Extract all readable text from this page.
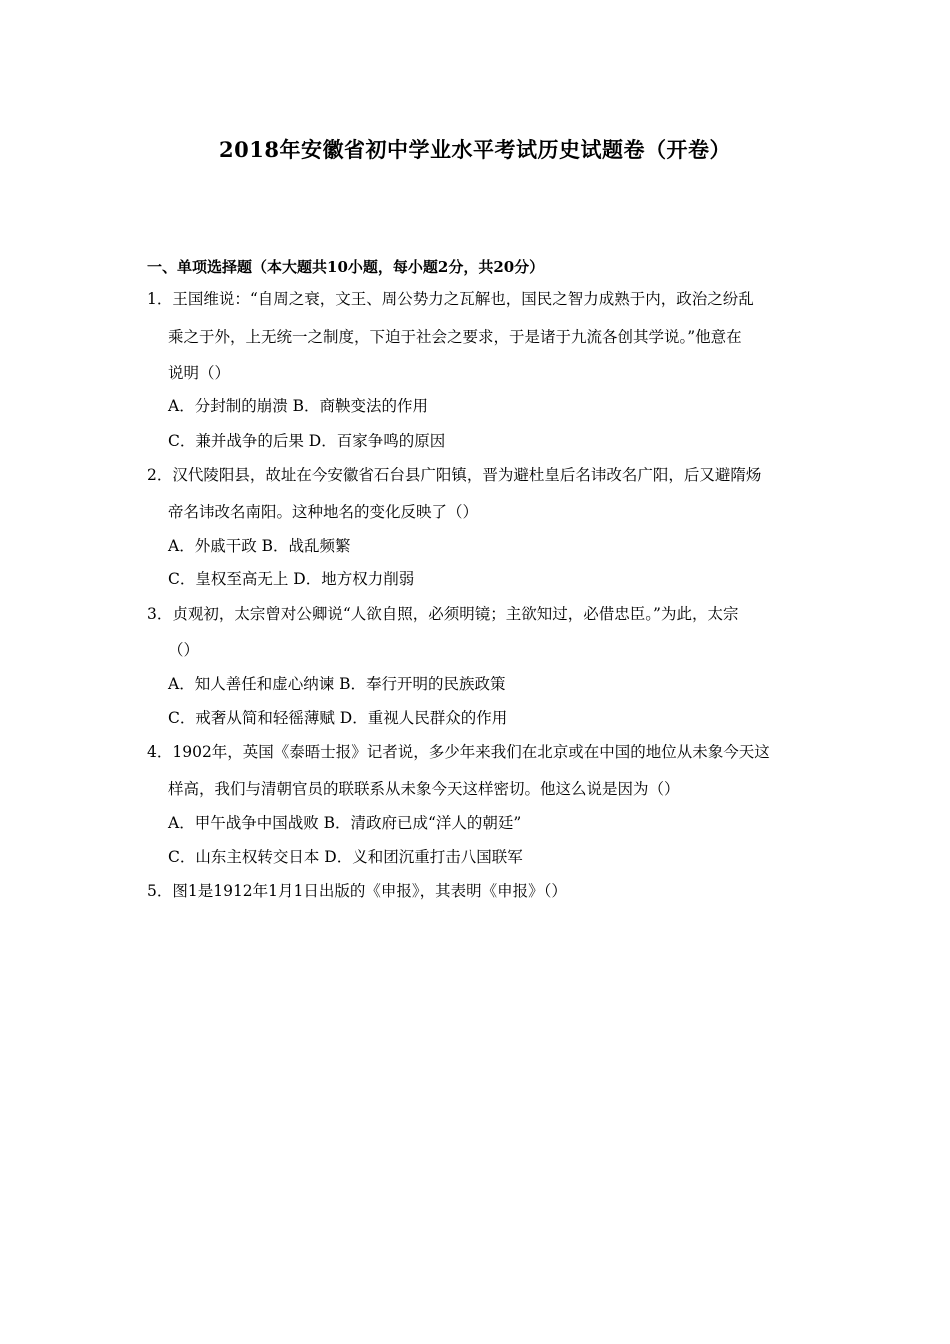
2018年安徽省初中学业水平考试历史试题卷（开卷）
一、单项选择题（本大题共10小题，每小题2分，共20分）
1．王国维说：“自周之衰，文王、周公势力之瓦解也，国民之智力成熟于内，政治之纷乱
乘之于外，上无统一之制度，下迫于社会之要求，于是诸于九流各创其学说。”他意在
说明（）
A．分封制的崩溃 B．商鞅变法的作用
C．兼并战争的后果 D．百家争鸣的原因
2．汉代陵阳县，故址在今安徽省石台县广阳镇，晋为避杜皇后名讳改名广阳，后又避隋炀
帝名讳改名南阳。这种地名的变化反映了（）
A．外戚干政 B．战乱频繁
C．皇权至高无上 D．地方权力削弱
3．贞观初，太宗曾对公卿说“人欲自照，必须明镜；主欲知过，必借忠臣。”为此，太宗
（）
A．知人善任和虚心纳谏 B．奉行开明的民族政策
C．戒奢从简和轻徭薄赋 D．重视人民群众的作用
4．1902年，英国《泰晤士报》记者说，多少年来我们在北京或在中国的地位从未象今天这
样高，我们与清朝官员的联联系从未象今天这样密切。他这么说是因为（）
A．甲午战争中国战败 B．清政府已成“洋人的朝廷”
C．山东主权转交日本 D．义和团沉重打击八国联军
5．图1是1912年1月1日出版的《申报》，其表明《申报》（）
